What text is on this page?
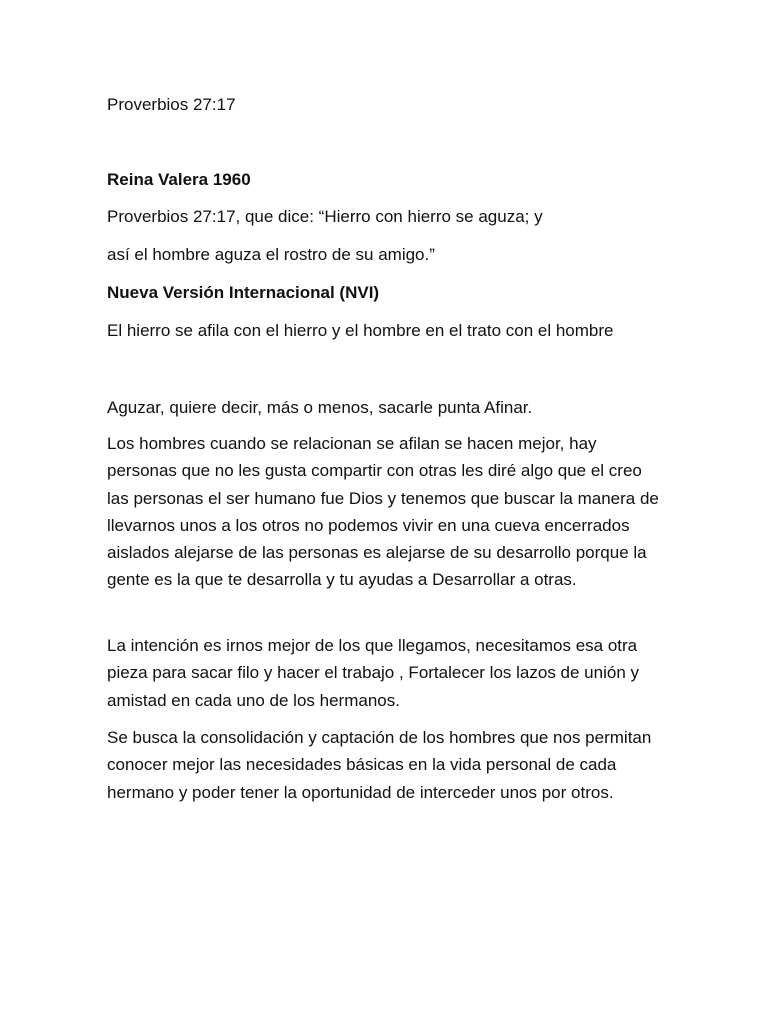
Proverbios 27:17

Reina Valera 1960

Proverbios 27:17, que dice: “Hierro con hierro se aguza; y

así el hombre aguza el rostro de su amigo.”

Nueva Versión Internacional (NVI)

El hierro se afila con el hierro y el hombre en el trato con el hombre

Aguzar, quiere decir, más o menos, sacarle punta Afinar.

Los hombres cuando se relacionan se afilan se hacen mejor, hay personas que no les gusta compartir con otras les diré algo que el creo las personas el ser humano fue Dios y tenemos que buscar la manera de llevarnos unos a los otros no podemos vivir en una cueva encerrados aislados alejarse de las personas es alejarse de su desarrollo porque la gente es la que te desarrolla y tu ayudas a Desarrollar a otras.

La intención es irnos mejor de los que llegamos, necesitamos esa otra pieza para sacar filo y hacer el trabajo , Fortalecer los lazos de unión y amistad en cada uno de los hermanos.

Se busca la consolidación y captación de los hombres que nos permitan conocer mejor las necesidades básicas en la vida personal de cada hermano y poder tener la oportunidad de interceder unos por otros.
